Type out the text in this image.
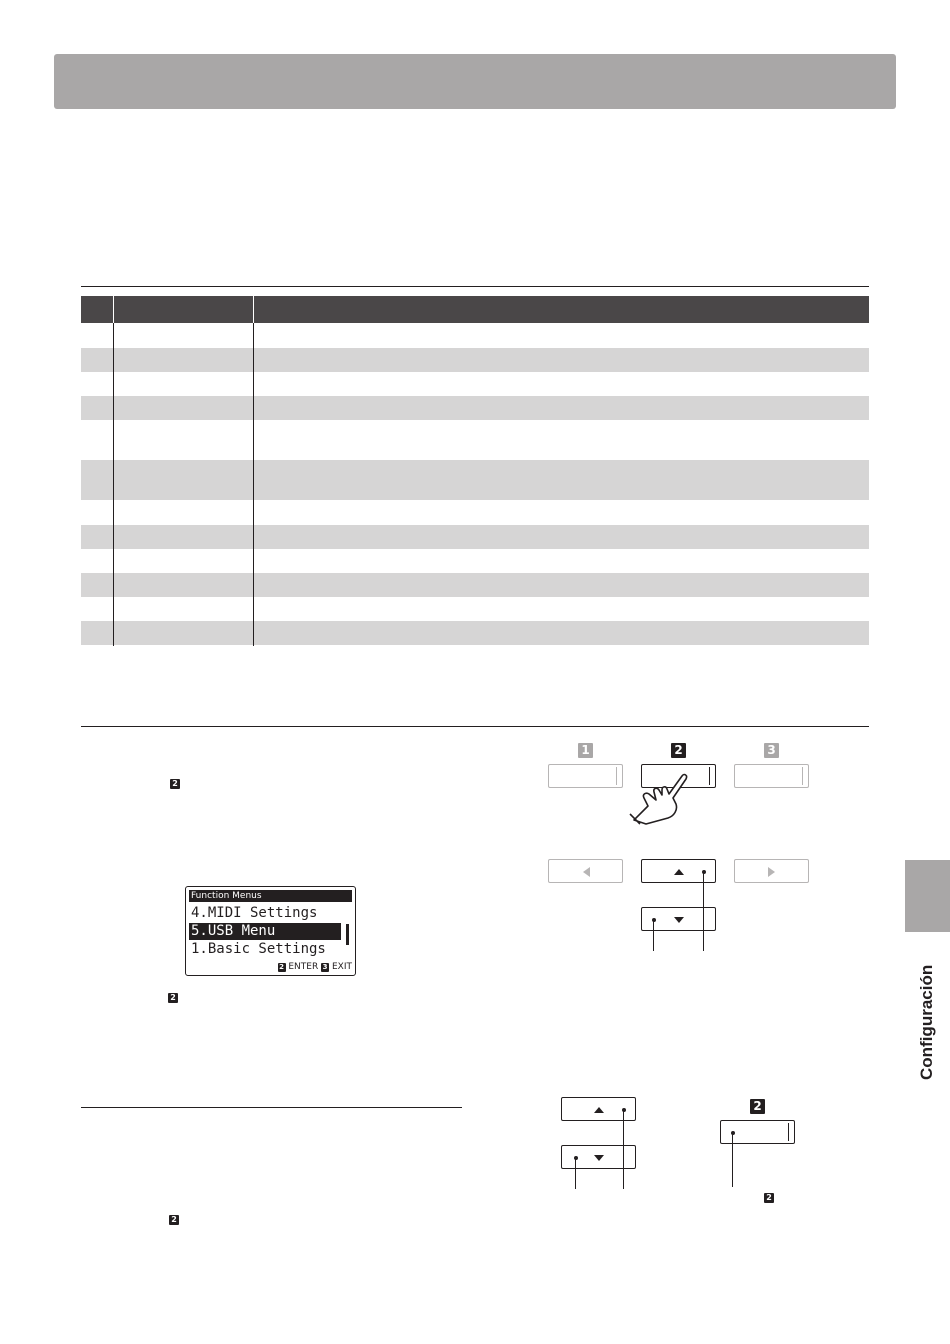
2
Function Menus
4.MIDI Settings
5.USB Menu
1.Basic Settings
2 ENTER 3 EXIT
2
2
1	2	3
2
2
Configuración
